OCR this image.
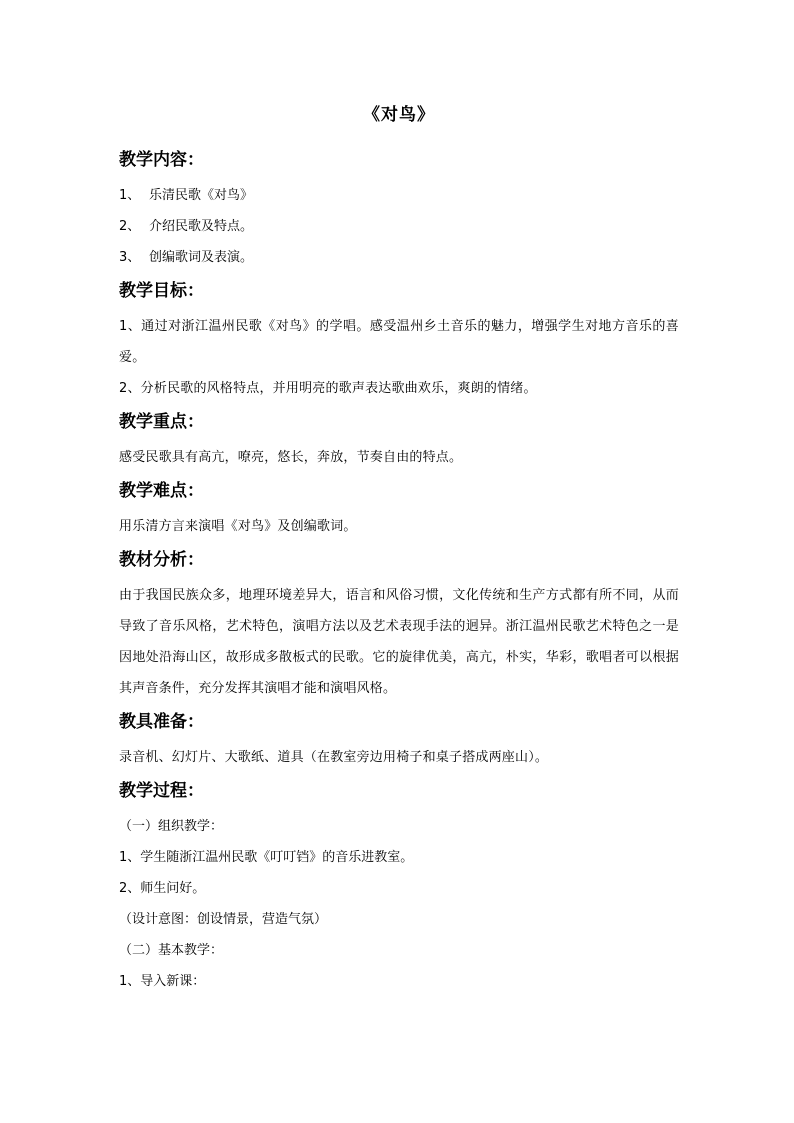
《对鸟》
教学内容：
1、 乐清民歌《对鸟》
2、 介绍民歌及特点。
3、 创编歌词及表演。
教学目标：
1、通过对浙江温州民歌《对鸟》的学唱。感受温州乡土音乐的魅力，增强学生对地方音乐的喜爱。
2、分析民歌的风格特点，并用明亮的歌声表达歌曲欢乐，爽朗的情绪。
教学重点：
感受民歌具有高亢，嘹亮，悠长，奔放，节奏自由的特点。
教学难点：
用乐清方言来演唱《对鸟》及创编歌词。
教材分析：
由于我国民族众多，地理环境差异大，语言和风俗习惯，文化传统和生产方式都有所不同，从而导致了音乐风格，艺术特色，演唱方法以及艺术表现手法的迥异。浙江温州民歌艺术特色之一是因地处沿海山区，故形成多散板式的民歌。它的旋律优美，高亢，朴实，华彩，歌唱者可以根据其声音条件，充分发挥其演唱才能和演唱风格。
教具准备：
录音机、幻灯片、大歌纸、道具（在教室旁边用椅子和桌子搭成两座山）。
教学过程：
（一）组织教学：
1、学生随浙江温州民歌《叮叮铛》的音乐进教室。
2、师生问好。
（设计意图：创设情景，营造气氛）
（二）基本教学：
1、导入新课：
